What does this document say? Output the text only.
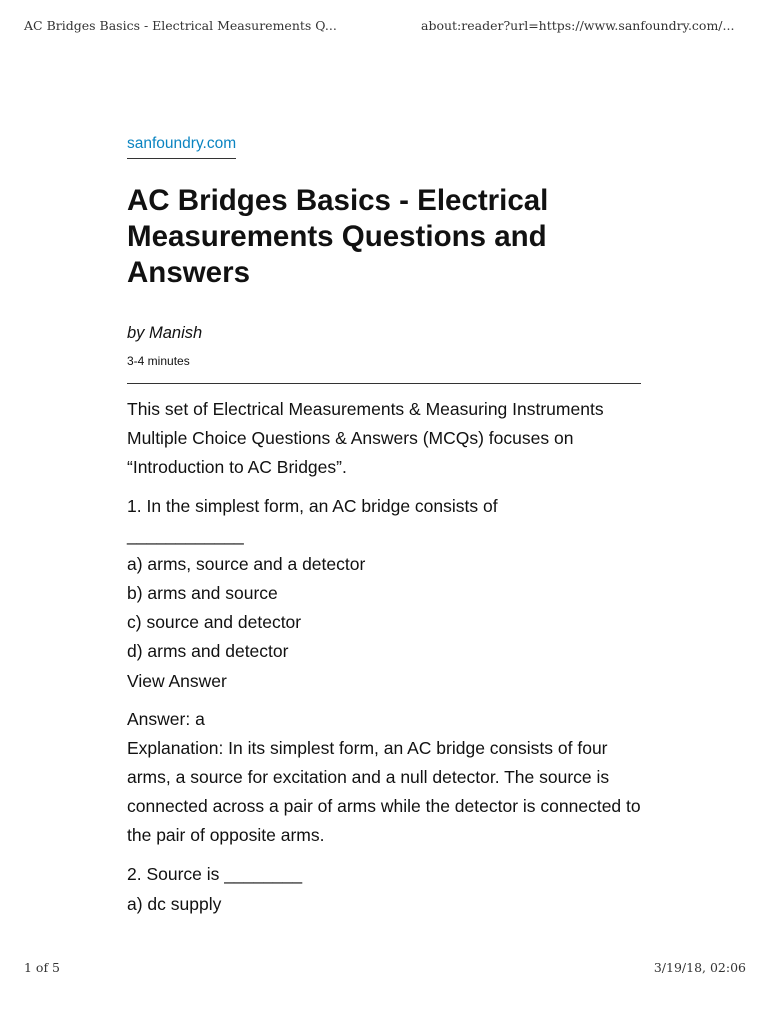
AC Bridges Basics - Electrical Measurements Q...	about:reader?url=https://www.sanfoundry.com/...
sanfoundry.com
AC Bridges Basics - Electrical Measurements Questions and Answers
by Manish
3-4 minutes

This set of Electrical Measurements & Measuring Instruments Multiple Choice Questions & Answers (MCQs) focuses on “Introduction to AC Bridges”.

1. In the simplest form, an AC bridge consists of
____________
a) arms, source and a detector
b) arms and source
c) source and detector
d) arms and detector
View Answer
Answer: a

Explanation: In its simplest form, an AC bridge consists of four arms, a source for excitation and a null detector. The source is connected across a pair of arms while the detector is connected to the pair of opposite arms.

2. Source is ________
a) dc supply
1 of 5	3/19/18, 02:06
